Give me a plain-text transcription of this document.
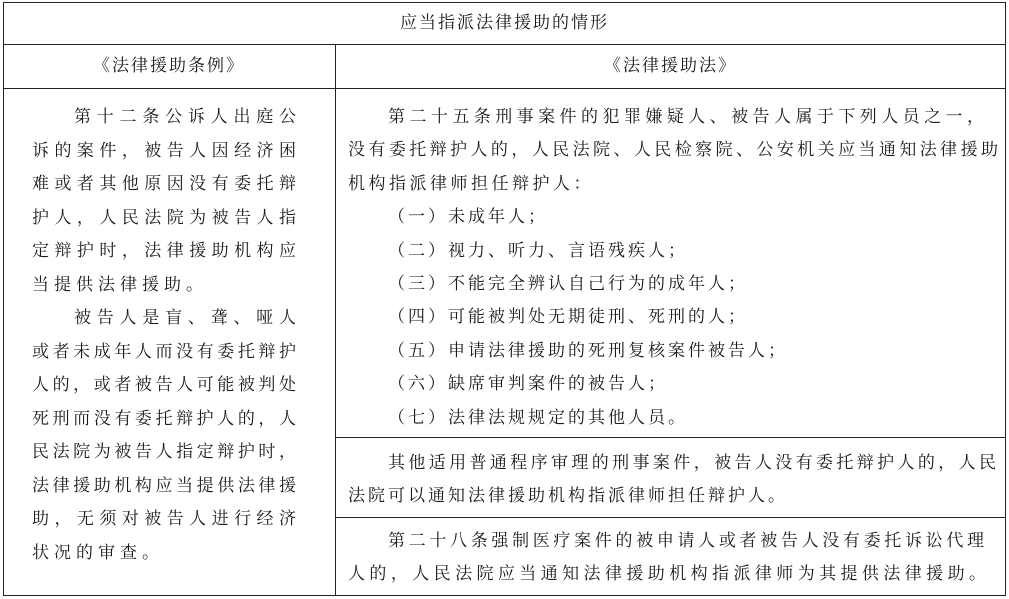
应当指派法律援助的情形
《法律援助条例》	《法律援助法》
第十二条公诉人出庭公
诉的案件，被告人因经济困
难或者其他原因没有委托辩
护人，人民法院为被告人指
定辩护时，法律援助机构应
当提供法律援助。
被告人是盲、聋、哑人
或者未成年人而没有委托辩护
人的，或者被告人可能被判处
死刑而没有委托辩护人的，人
民法院为被告人指定辩护时，
法律援助机构应当提供法律援
助，无须对被告人进行经济
状况的审查。
第二十五条刑事案件的犯罪嫌疑人、被告人属于下列人员之一，
没有委托辩护人的，人民法院、人民检察院、公安机关应当通知法律援助
机构指派律师担任辩护人：
（一）未成年人；
（二）视力、听力、言语残疾人；
（三）不能完全辨认自己行为的成年人；
（四）可能被判处无期徒刑、死刑的人；
（五）申请法律援助的死刑复核案件被告人；
（六）缺席审判案件的被告人；
（七）法律法规规定的其他人员。
其他适用普通程序审理的刑事案件，被告人没有委托辩护人的，人民
法院可以通知法律援助机构指派律师担任辩护人。
第二十八条强制医疗案件的被申请人或者被告人没有委托诉讼代理
人的，人民法院应当通知法律援助机构指派律师为其提供法律援助。
